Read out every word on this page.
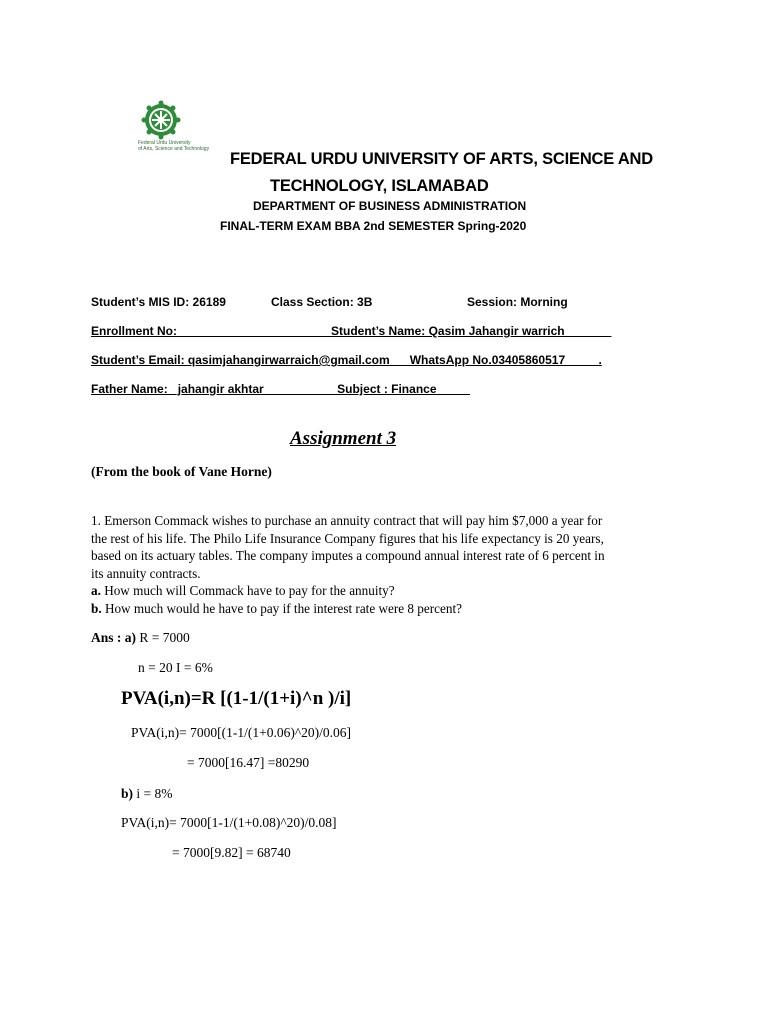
Federal Urdu University
of Arts, Science and Technology
FEDERAL URDU UNIVERSITY OF ARTS, SCIENCE AND
TECHNOLOGY, ISLAMABAD
DEPARTMENT OF BUSINESS ADMINISTRATION
FINAL-TERM EXAM BBA 2nd SEMESTER Spring-2020
Student’s MIS ID: 26189	Class Section: 3B	Session: Morning
Enrollment No:_________________________
Student’s Name: Qasim Jahangir warrich_______
Student’s Email: qasimjahangirwarraich@gmail.com___WhatsApp No.03405860517_____.
Father Name: _jahangir akhtar___________Subject : Finance_____
Assignment 3
(From the book of Vane Horne)
1. Emerson Commack wishes to purchase an annuity contract that will pay him $7,000 a year for
the rest of his life. The Philo Life Insurance Company figures that his life expectancy is 20 years,
based on its actuary tables. The company imputes a compound annual interest rate of 6 percent in
its annuity contracts.
a. How much will Commack have to pay for the annuity?
b. How much would he have to pay if the interest rate were 8 percent?
Ans : a) R = 7000
n = 20 I = 6%
PVA(i,n)=R [(1-1/(1+i)^n )/i]
PVA(i,n)= 7000[(1-1/(1+0.06)^20)/0.06]
= 7000[16.47] =80290
b) i = 8%
PVA(i,n)= 7000[1-1/(1+0.08)^20)/0.08]
= 7000[9.82] = 68740
